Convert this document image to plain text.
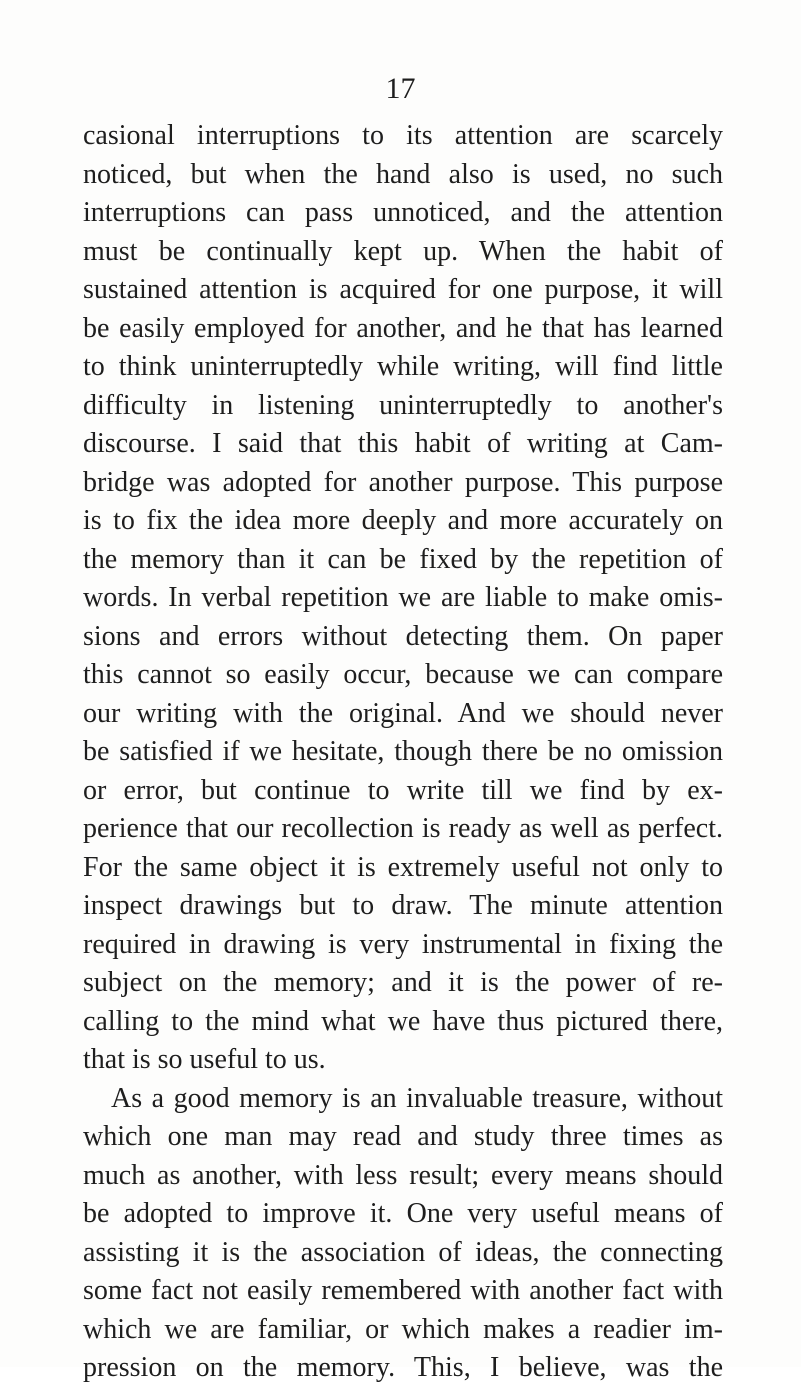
17
casional interruptions to its attention are scarcely
noticed, but when the hand also is used, no such
interruptions can pass unnoticed, and the attention
must be continually kept up. When the habit of
sustained attention is acquired for one purpose, it will
be easily employed for another, and he that has learned
to think uninterruptedly while writing, will find little
difficulty in listening uninterruptedly to another's
discourse. I said that this habit of writing at Cam-
bridge was adopted for another purpose. This purpose
is to fix the idea more deeply and more accurately on
the memory than it can be fixed by the repetition of
words. In verbal repetition we are liable to make omis-
sions and errors without detecting them. On paper
this cannot so easily occur, because we can compare
our writing with the original. And we should never
be satisfied if we hesitate, though there be no omission
or error, but continue to write till we find by ex-
perience that our recollection is ready as well as perfect.
For the same object it is extremely useful not only to
inspect drawings but to draw. The minute attention
required in drawing is very instrumental in fixing the
subject on the memory; and it is the power of re-
calling to the mind what we have thus pictured there,
that is so useful to us.
As a good memory is an invaluable treasure, without
which one man may read and study three times as
much as another, with less result; every means should
be adopted to improve it. One very useful means of
assisting it is the association of ideas, the connecting
some fact not easily remembered with another fact with
which we are familiar, or which makes a readier im-
pression on the memory. This, I believe, was the
